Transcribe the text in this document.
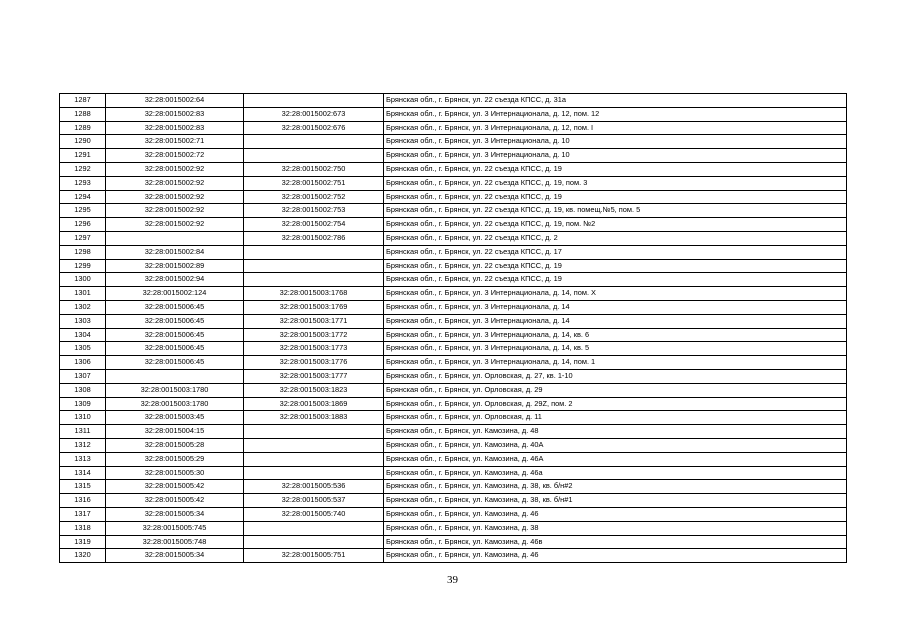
1287	32:28:0015002:64		Брянская обл., г. Брянск, ул. 22 съезда КПСС, д. 31а
1288	32:28:0015002:83	32:28:0015002:673	Брянская обл., г. Брянск, ул. 3 Интернационала, д. 12, пом. 12
1289	32:28:0015002:83	32:28:0015002:676	Брянская обл., г. Брянск, ул. 3 Интернационала, д. 12, пом. I
1290	32:28:0015002:71		Брянская обл., г. Брянск, ул. 3 Интернационала, д. 10
1291	32:28:0015002:72		Брянская обл., г. Брянск, ул. 3 Интернационала, д. 10
1292	32:28:0015002:92	32:28:0015002:750	Брянская обл., г. Брянск, ул. 22 съезда КПСС, д. 19
1293	32:28:0015002:92	32:28:0015002:751	Брянская обл., г. Брянск, ул. 22 съезда КПСС, д. 19, пом. 3
1294	32:28:0015002:92	32:28:0015002:752	Брянская обл., г. Брянск, ул. 22 съезда КПСС, д. 19
1295	32:28:0015002:92	32:28:0015002:753	Брянская обл., г. Брянск, ул. 22 съезда КПСС, д. 19, кв. помещ.№5, пом. 5
1296	32:28:0015002:92	32:28:0015002:754	Брянская обл., г. Брянск, ул. 22 съезда КПСС, д. 19, пом. №2
1297		32:28:0015002:786	Брянская обл., г. Брянск, ул. 22 съезда КПСС, д. 2
1298	32:28:0015002:84		Брянская обл., г. Брянск, ул. 22 съезда КПСС, д. 17
1299	32:28:0015002:89		Брянская обл., г. Брянск, ул. 22 съезда КПСС, д. 19
1300	32:28:0015002:94		Брянская обл., г. Брянск, ул. 22 съезда КПСС, д. 19
1301	32:28:0015002:124	32:28:0015003:1768	Брянская обл., г. Брянск, ул. 3 Интернационала, д. 14, пом. Х
1302	32:28:0015006:45	32:28:0015003:1769	Брянская обл., г. Брянск, ул. 3 Интернационала, д. 14
1303	32:28:0015006:45	32:28:0015003:1771	Брянская обл., г. Брянск, ул. 3 Интернационала, д. 14
1304	32:28:0015006:45	32:28:0015003:1772	Брянская обл., г. Брянск, ул. 3 Интернационала, д. 14, кв. 6
1305	32:28:0015006:45	32:28:0015003:1773	Брянская обл., г. Брянск, ул. 3 Интернационала, д. 14, кв. 5
1306	32:28:0015006:45	32:28:0015003:1776	Брянская обл., г. Брянск, ул. 3 Интернационала, д. 14, пом. 1
1307		32:28:0015003:1777	Брянская обл., г. Брянск, ул. Орловская, д. 27, кв. 1-10
1308	32:28:0015003:1780	32:28:0015003:1823	Брянская обл., г. Брянск, ул. Орловская, д. 29
1309	32:28:0015003:1780	32:28:0015003:1869	Брянская обл., г. Брянск, ул. Орловская, д. 29Z, пом. 2
1310	32:28:0015003:45	32:28:0015003:1883	Брянская обл., г. Брянск, ул. Орловская, д. 11
1311	32:28:0015004:15		Брянская обл., г. Брянск, ул. Камозина, д. 48
1312	32:28:0015005:28		Брянская обл., г. Брянск, ул. Камозина, д. 40А
1313	32:28:0015005:29		Брянская обл., г. Брянск, ул. Камозина, д. 46А
1314	32:28:0015005:30		Брянская обл., г. Брянск, ул. Камозина, д. 46а
1315	32:28:0015005:42	32:28:0015005:536	Брянская обл., г. Брянск, ул. Камозина, д. 38, кв. б/н#2
1316	32:28:0015005:42	32:28:0015005:537	Брянская обл., г. Брянск, ул. Камозина, д. 38, кв. б/н#1
1317	32:28:0015005:34	32:28:0015005:740	Брянская обл., г. Брянск, ул. Камозина, д. 46
1318	32:28:0015005:745		Брянская обл., г. Брянск, ул. Камозина, д. 38
1319	32:28:0015005:748		Брянская обл., г. Брянск, ул. Камозина, д. 46в
1320	32:28:0015005:34	32:28:0015005:751	Брянская обл., г. Брянск, ул. Камозина, д. 46
39
